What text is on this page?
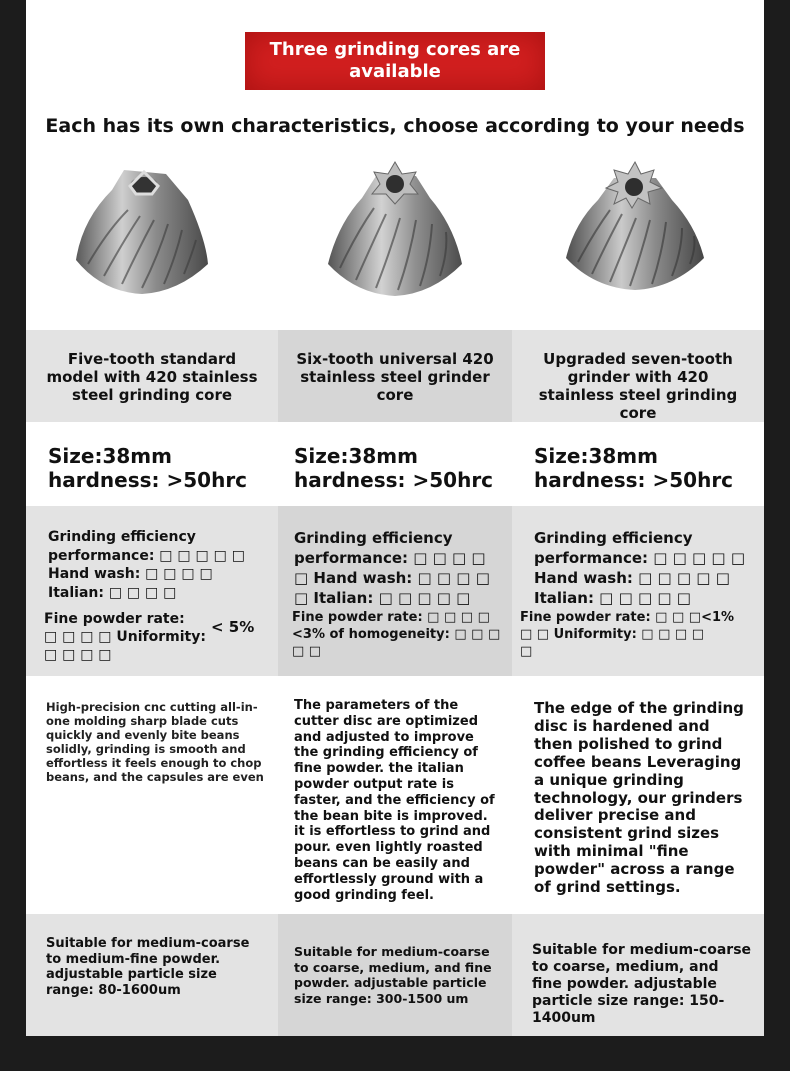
Three grinding cores are available
Each has its own characteristics, choose according to your needs
Five-tooth standard model with 420 stainless steel grinding core
Six-tooth universal 420 stainless steel grinder core
Upgraded seven-tooth grinder with 420 stainless steel grinding core
Size:38mm
hardness: >50hrc
Size:38mm
hardness: >50hrc
Size:38mm
hardness: >50hrc
Grinding efficiency
performance: □ □ □ □ □
Hand wash: □ □ □ □
Italian: □ □ □ □
Fine powder rate:
□ □ □ □ Uniformity:
□ □ □ □
< 5%
Grinding efficiency
performance: □ □ □ □
□ Hand wash: □ □ □ □
□ Italian: □ □ □ □ □
Fine powder rate: □ □ □ □
<3% of homogeneity: □ □ □
□ □
Grinding efficiency
performance: □ □ □ □ □
Hand wash: □ □ □ □ □
Italian: □ □ □ □ □
Fine powder rate: □ □ □<1%
□ □ Uniformity: □ □ □ □
□
High-precision cnc cutting all-in-one molding sharp blade cuts quickly and evenly bite beans solidly, grinding is smooth and effortless it feels enough to chop beans, and the capsules are even
The parameters of the cutter disc are optimized and adjusted to improve the grinding efficiency of fine powder. the italian powder output rate is faster, and the efficiency of the bean bite is improved. it is effortless to grind and pour. even lightly roasted beans can be easily and effortlessly ground with a good grinding feel.
The edge of the grinding disc is hardened and then polished to grind coffee beans Leveraging a unique grinding technology, our grinders deliver precise and consistent grind sizes with minimal "fine powder" across a range of grind settings.
Suitable for medium-coarse to medium-fine powder. adjustable particle size range: 80-1600um
Suitable for medium-coarse to coarse, medium, and fine powder. adjustable particle size range: 300-1500 um
Suitable for medium-coarse to coarse, medium, and fine powder. adjustable particle size range: 150-1400um
